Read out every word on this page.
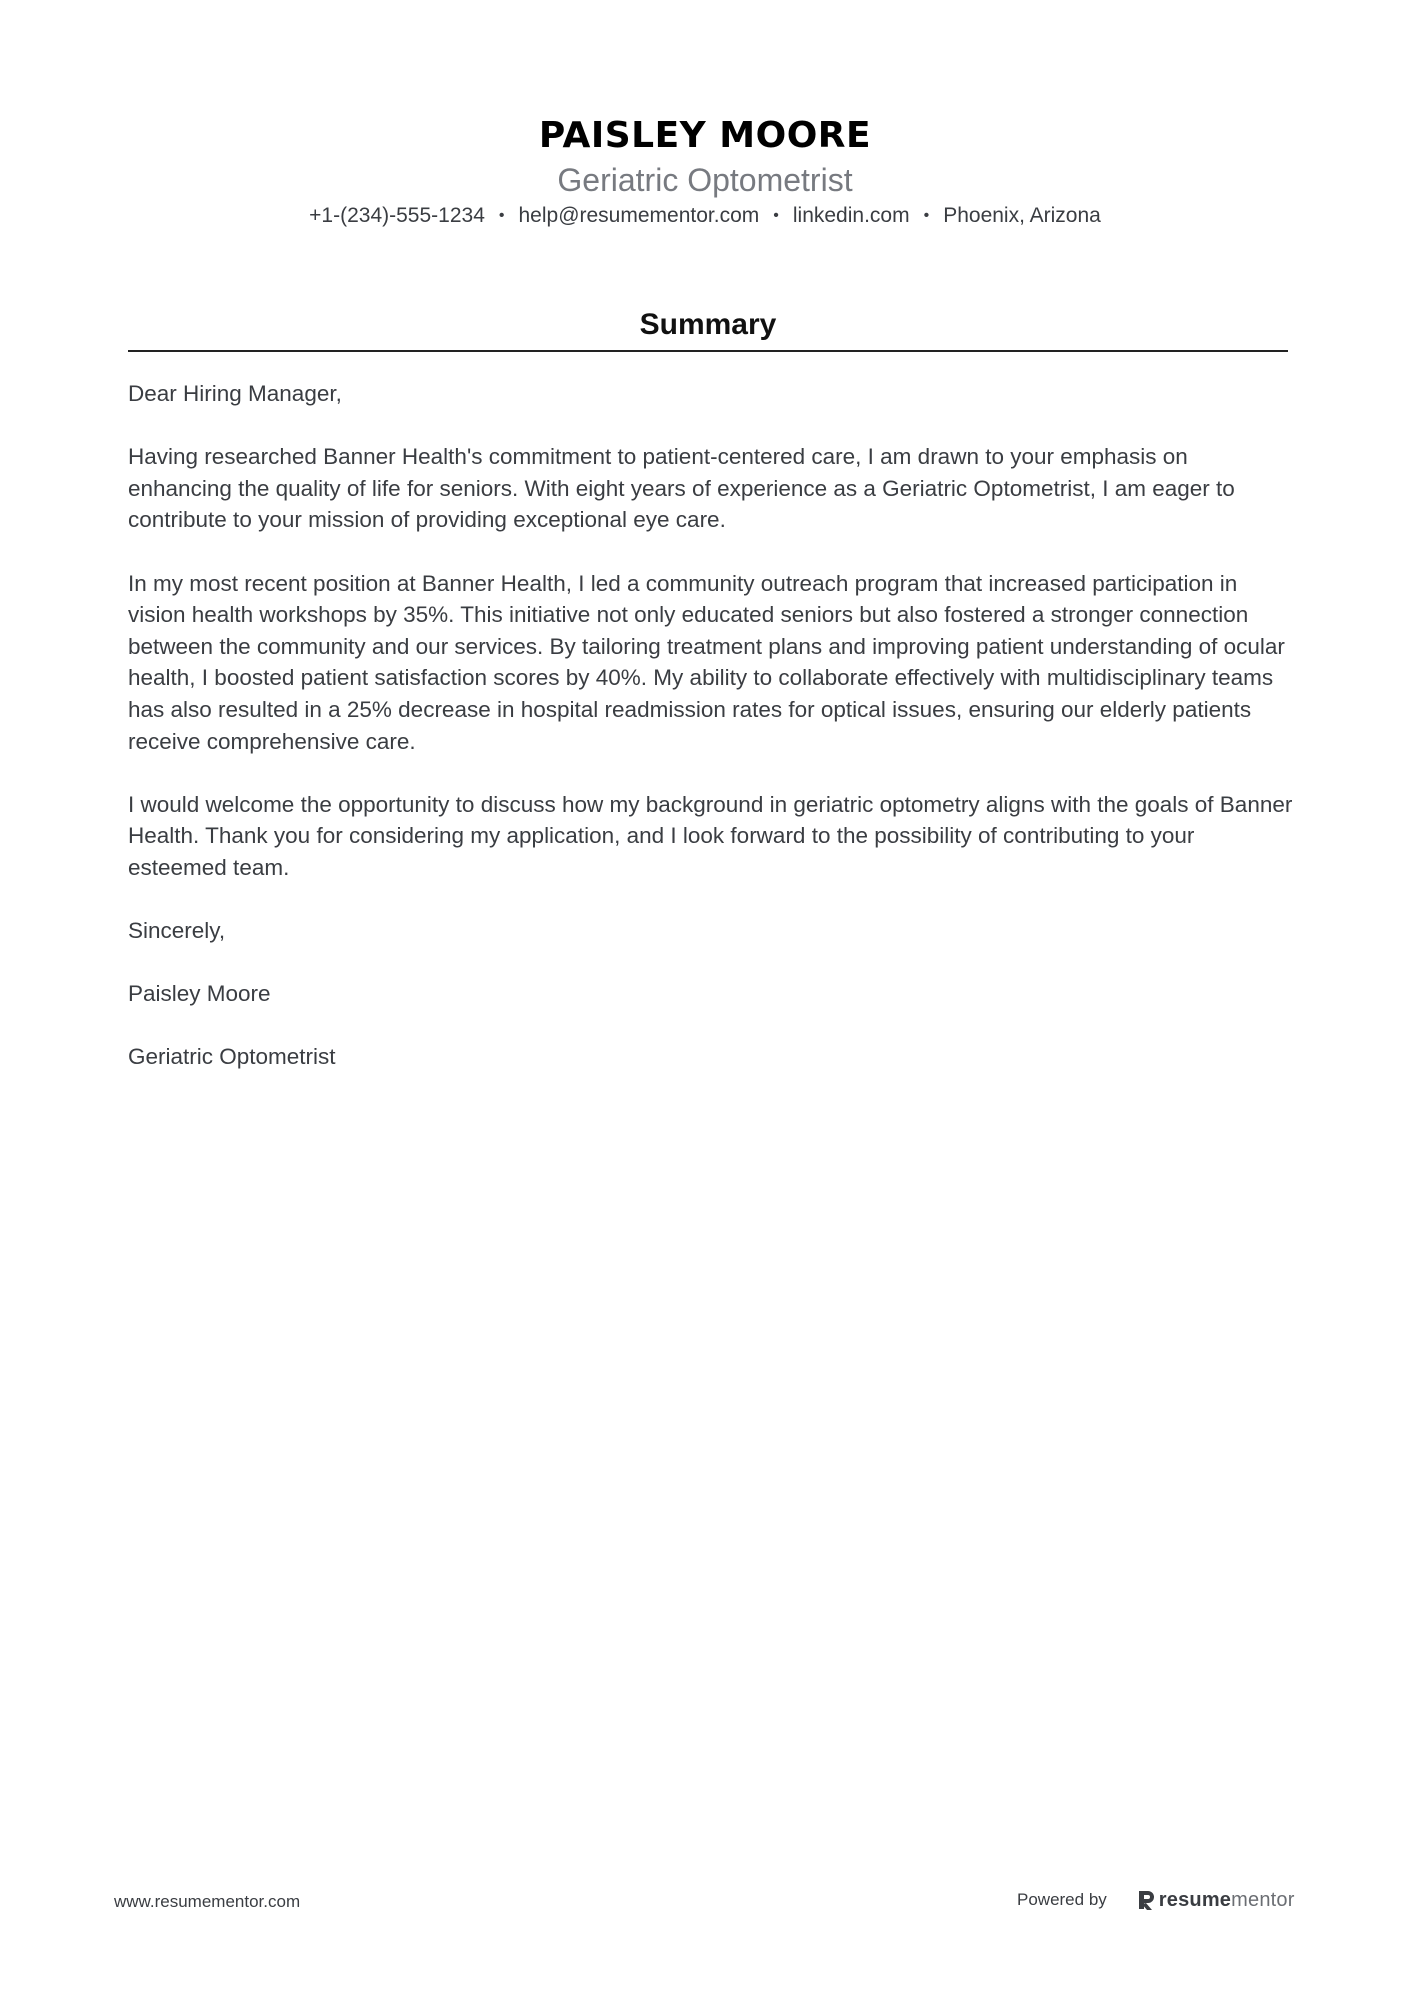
PAISLEY MOORE
Geriatric Optometrist
+1-(234)-555-1234 • help@resumementor.com • linkedin.com • Phoenix, Arizona
Summary

Dear Hiring Manager,

Having researched Banner Health's commitment to patient-centered care, I am drawn to your emphasis on enhancing the quality of life for seniors. With eight years of experience as a Geriatric Optometrist, I am eager to contribute to your mission of providing exceptional eye care.

In my most recent position at Banner Health, I led a community outreach program that increased participation in vision health workshops by 35%. This initiative not only educated seniors but also fostered a stronger connection between the community and our services. By tailoring treatment plans and improving patient understanding of ocular health, I boosted patient satisfaction scores by 40%. My ability to collaborate effectively with multidisciplinary teams has also resulted in a 25% decrease in hospital readmission rates for optical issues, ensuring our elderly patients receive comprehensive care.

I would welcome the opportunity to discuss how my background in geriatric optometry aligns with the goals of Banner Health. Thank you for considering my application, and I look forward to the possibility of contributing to your esteemed team.

Sincerely,

Paisley Moore

Geriatric Optometrist

www.resumementor.com	Powered by	resumementor
